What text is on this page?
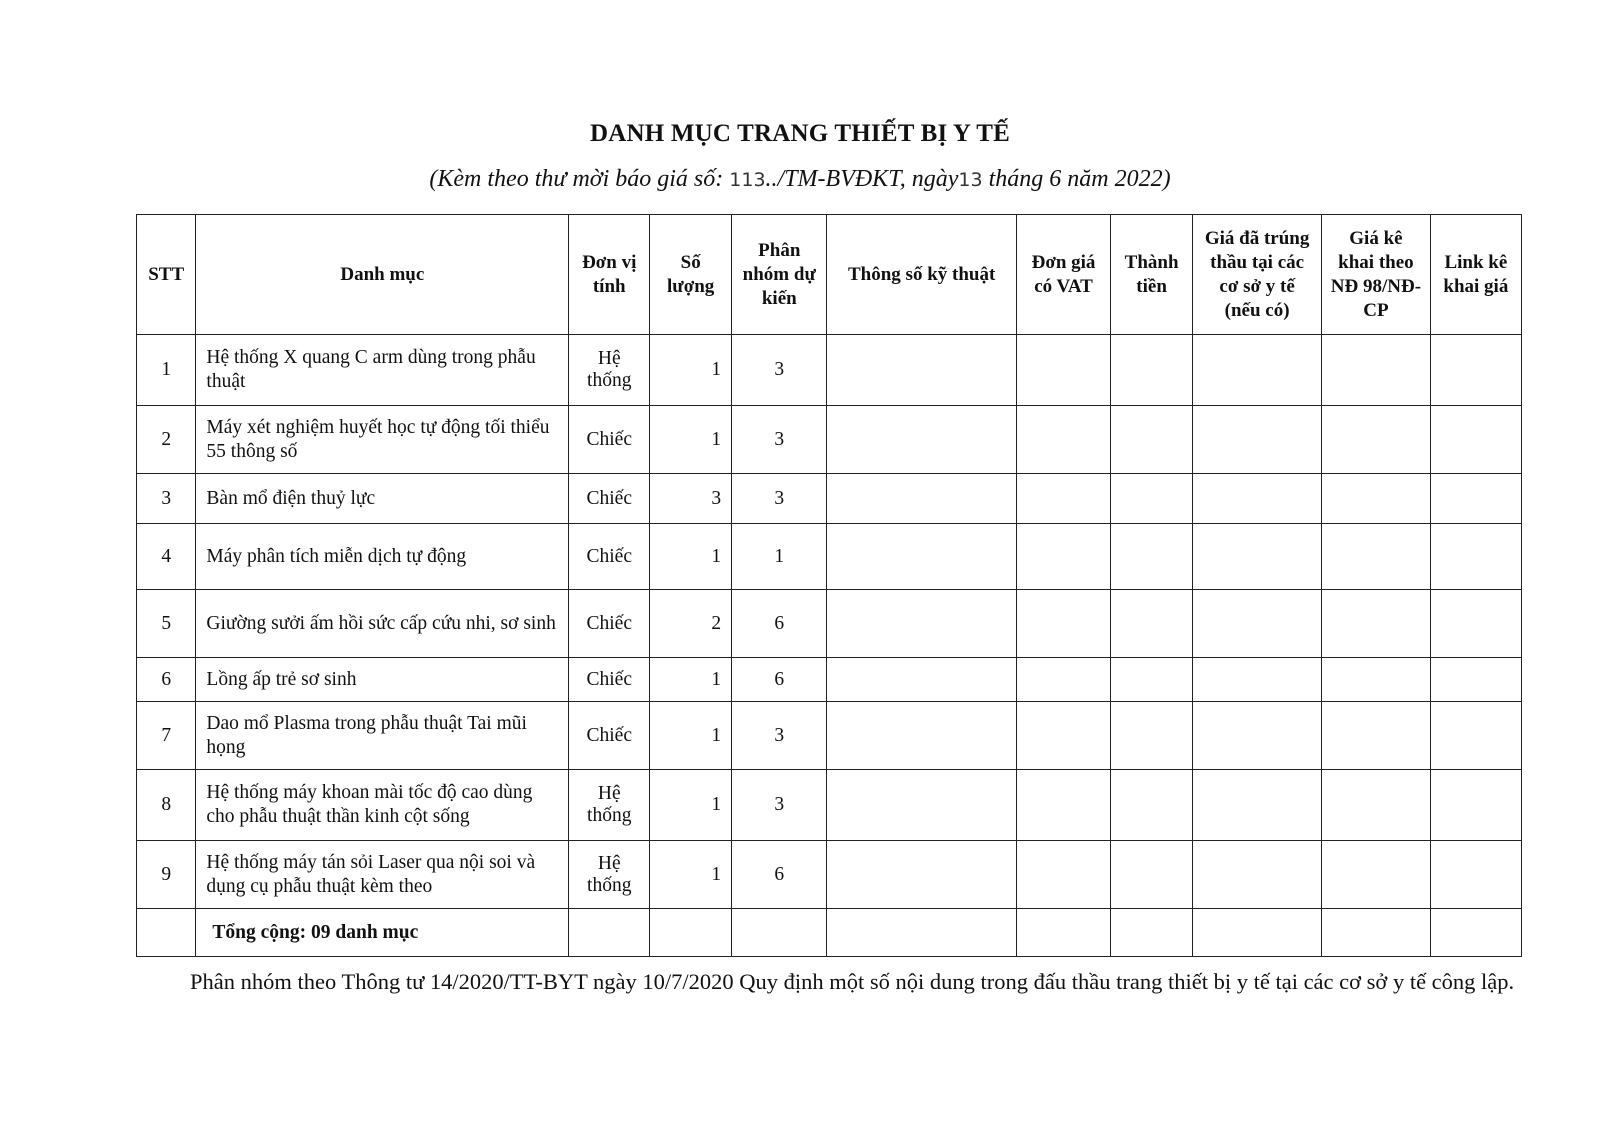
DANH MỤC TRANG THIẾT BỊ Y TẾ
(Kèm theo thư mời báo giá số: 113../TM-BVĐKT, ngày13 tháng 6 năm 2022)
STT	Danh mục	Đơn vị tính	Số lượng	Phân nhóm dự kiến	Thông số kỹ thuật	Đơn giá có VAT	Thành tiền	Giá đã trúng thầu tại các cơ sở y tế (nếu có)	Giá kê khai theo NĐ 98/NĐ-CP	Link kê khai giá
1	Hệ thống X quang C arm dùng trong phẫu thuật	Hệ thống	1	3						
2	Máy xét nghiệm huyết học tự động tối thiểu 55 thông số	Chiếc	1	3						
3	Bàn mổ điện thuỷ lực	Chiếc	3	3						
4	Máy phân tích miễn dịch tự động	Chiếc	1	1						
5	Giường sưởi ấm hồi sức cấp cứu nhi, sơ sinh	Chiếc	2	6						
6	Lồng ấp trẻ sơ sinh	Chiếc	1	6						
7	Dao mổ Plasma trong phẫu thuật Tai mũi họng	Chiếc	1	3						
8	Hệ thống máy khoan mài tốc độ cao dùng cho phẫu thuật thần kinh cột sống	Hệ thống	1	3						
9	Hệ thống máy tán sỏi Laser qua nội soi và dụng cụ phẫu thuật kèm theo	Hệ thống	1	6						
	Tổng cộng: 09 danh mục									
Phân nhóm theo Thông tư 14/2020/TT-BYT ngày 10/7/2020 Quy định một số nội dung trong đấu thầu trang thiết bị y tế tại các cơ sở y tế công lập.
